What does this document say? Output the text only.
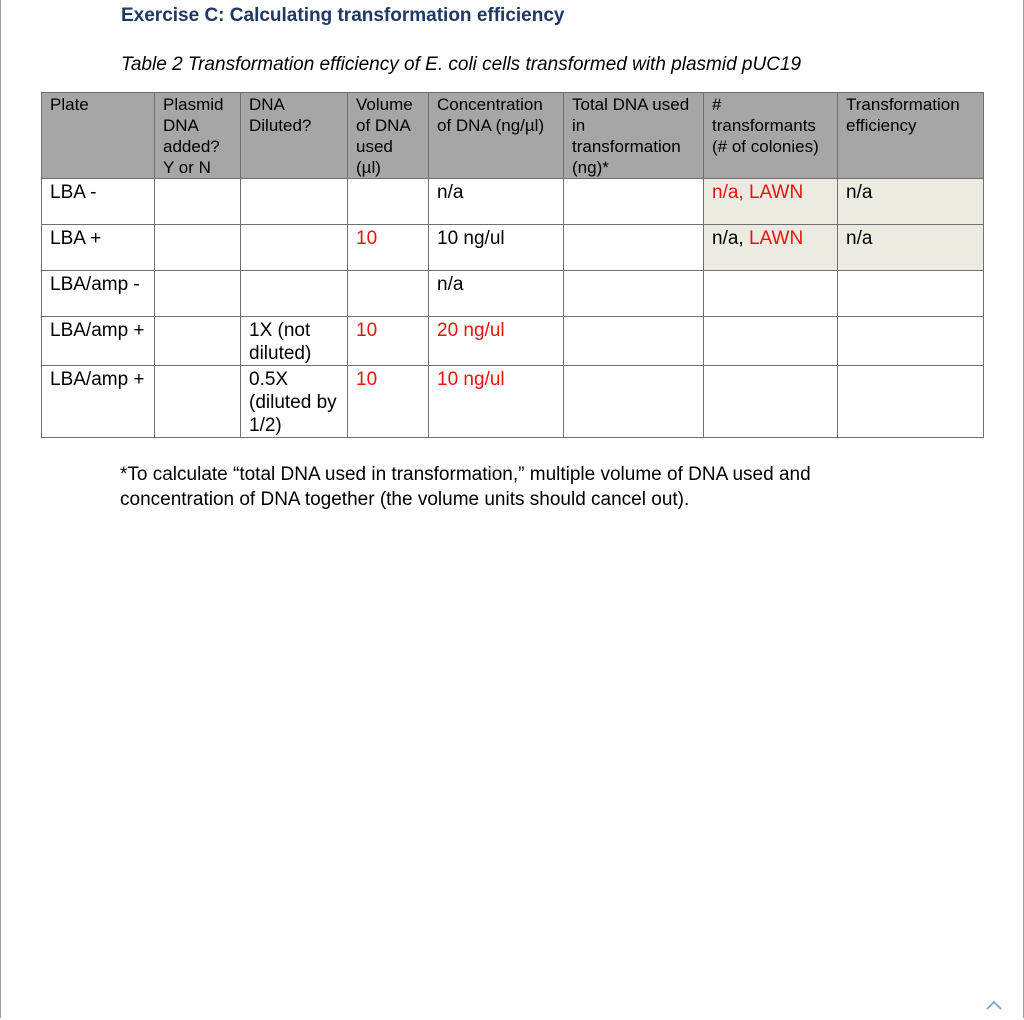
Exercise C: Calculating transformation efficiency
Table 2 Transformation efficiency of E. coli cells transformed with plasmid pUC19
Plate	Plasmid DNA added? Y or N	DNA Diluted?	Volume of DNA used (µl)	Concentration of DNA (ng/µl)	Total DNA used in transformation (ng)*	# transformants (# of colonies)	Transformation efficiency
LBA -				n/a		n/a, LAWN	n/a
LBA +			10	10 ng/ul		n/a, LAWN	n/a
LBA/amp -				n/a			
LBA/amp +		1X (not diluted)	10	20 ng/ul			
LBA/amp +		0.5X (diluted by 1/2)	10	10 ng/ul			
*To calculate “total DNA used in transformation,” multiple volume of DNA used and concentration of DNA together (the volume units should cancel out).
